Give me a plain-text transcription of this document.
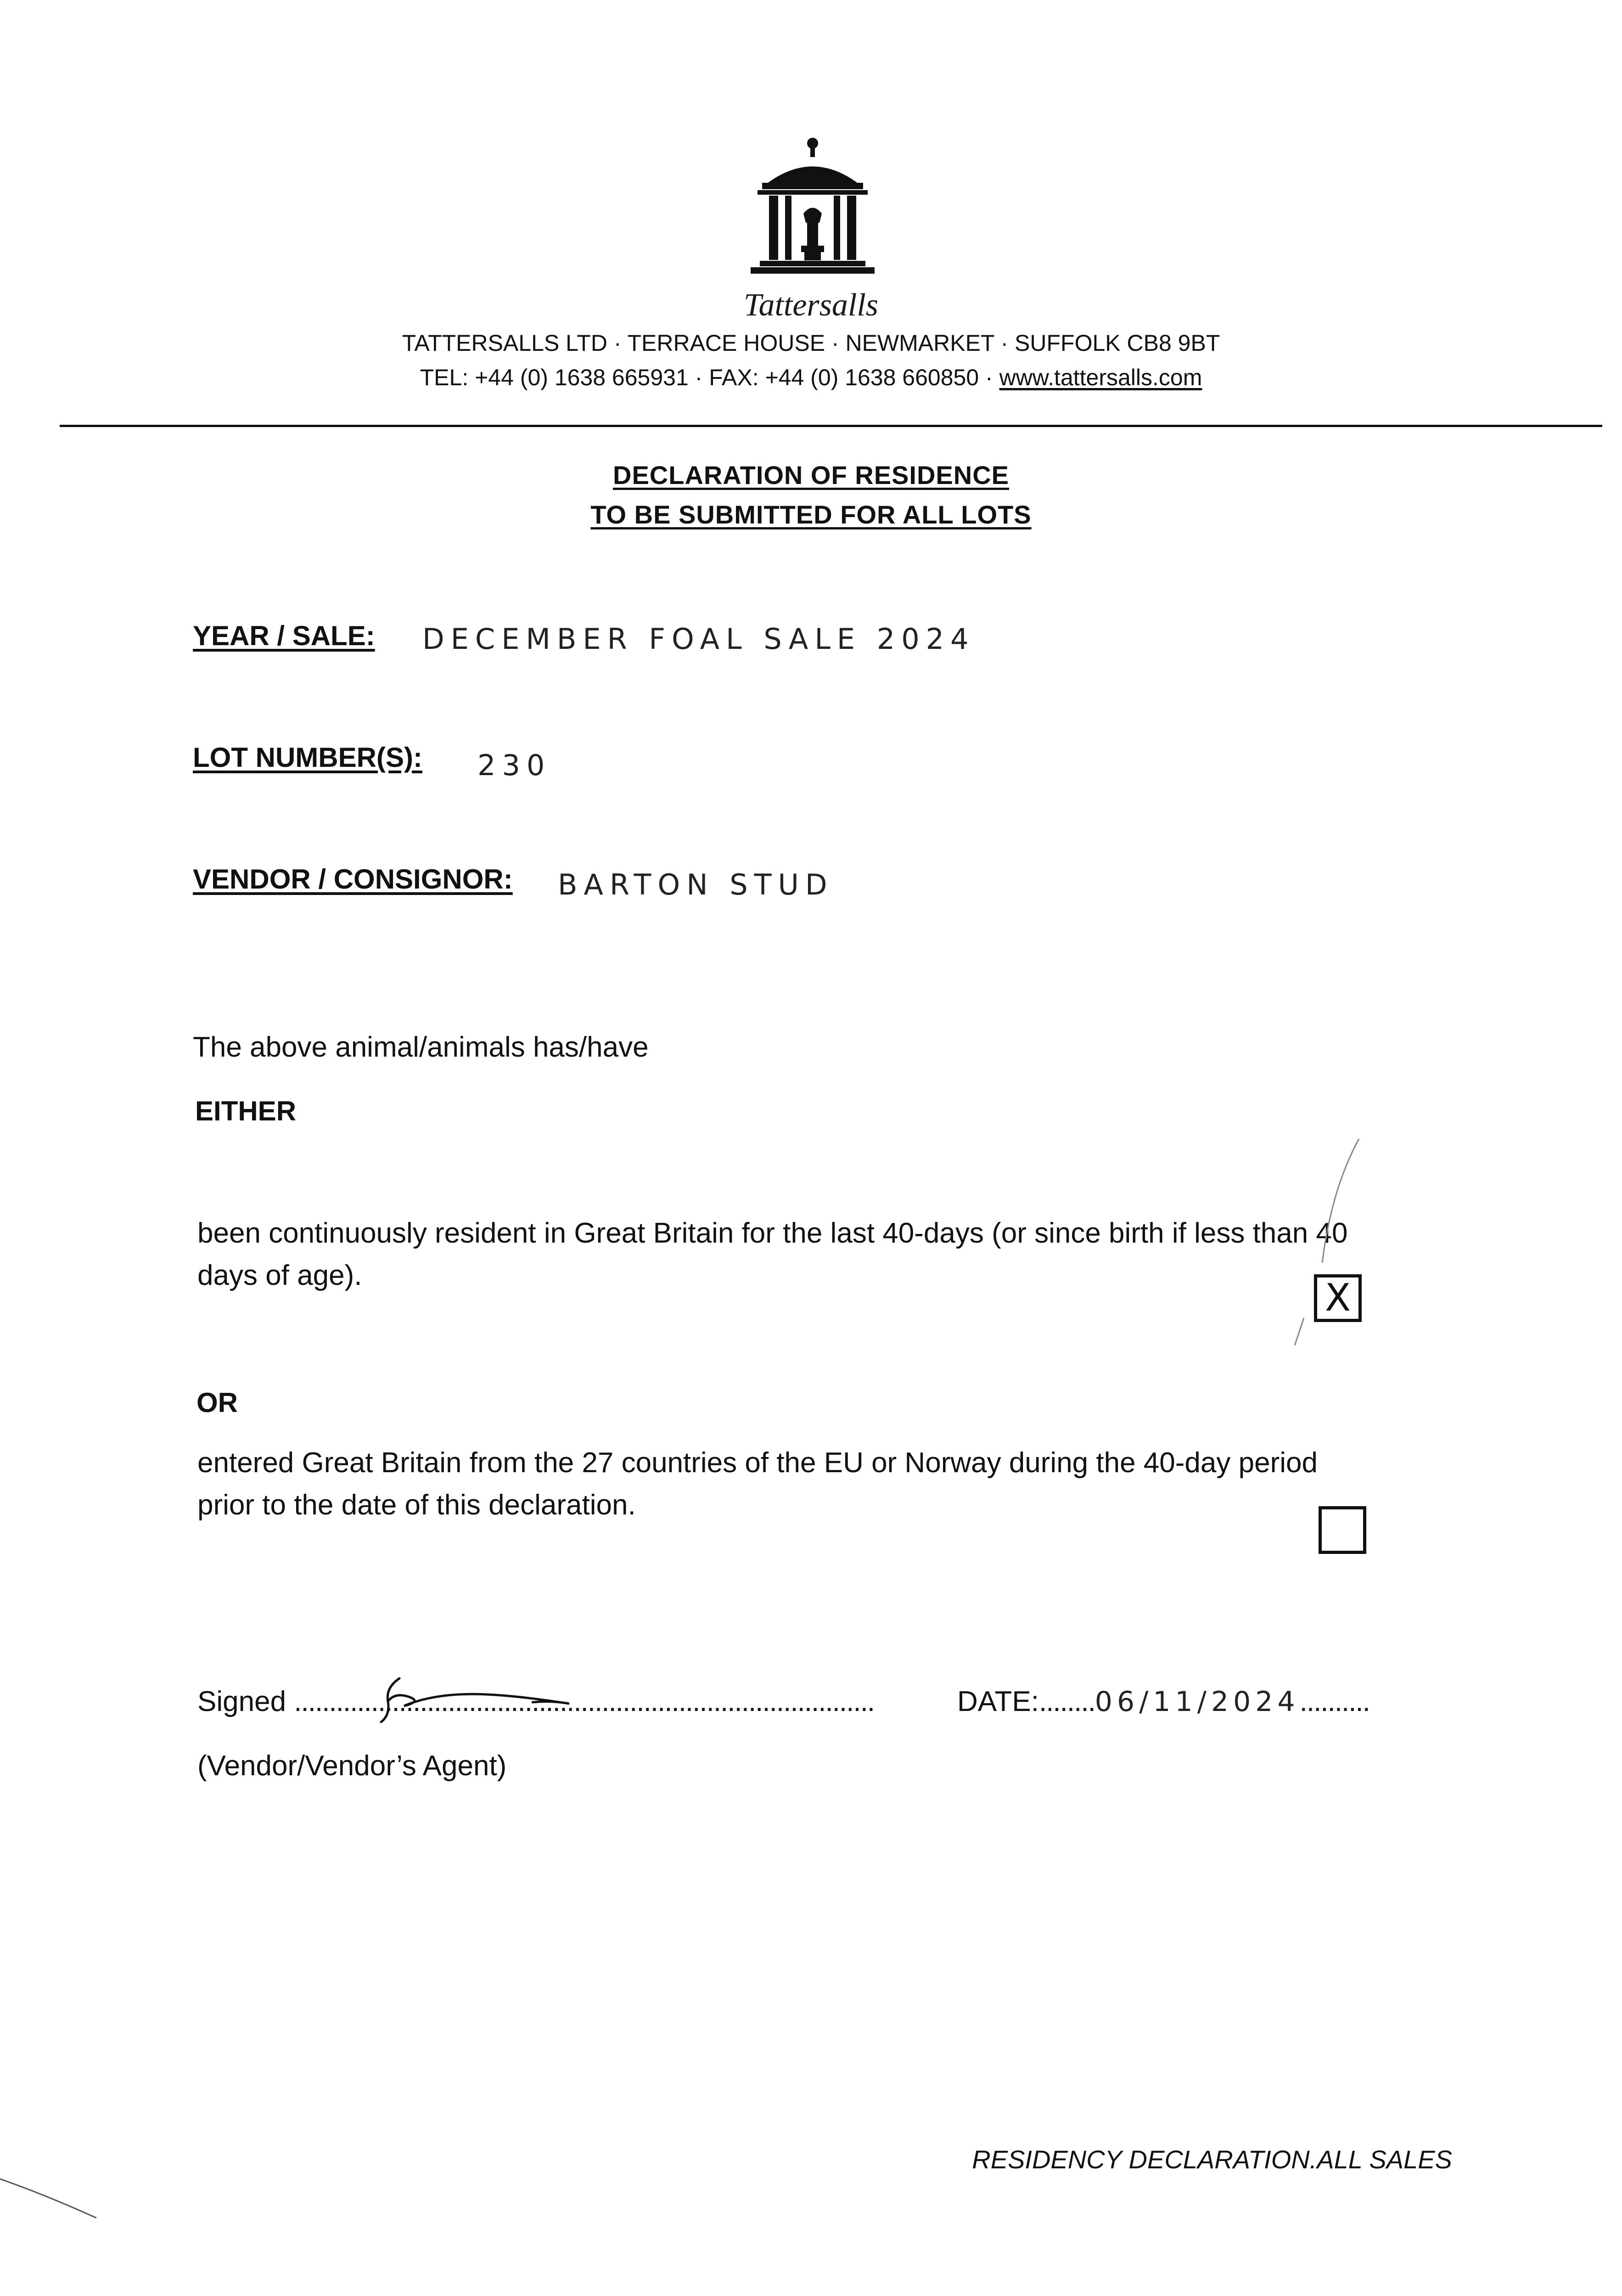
Tattersalls
TATTERSALLS LTD · TERRACE HOUSE · NEWMARKET · SUFFOLK CB8 9BT
TEL: +44 (0) 1638 665931 · FAX: +44 (0) 1638 660850 · www.tattersalls.com
DECLARATION OF RESIDENCE
TO BE SUBMITTED FOR ALL LOTS
YEAR / SALE: DECEMBER FOAL SALE 2024
LOT NUMBER(S): 230
VENDOR / CONSIGNOR: BARTON STUD
The above animal/animals has/have
EITHER
been continuously resident in Great Britain for the last 40-days (or since birth if less than 40
days of age).
X
OR
entered Great Britain from the 27 countries of the EU or Norway during the 40-day period
prior to the date of this declaration.
Signed ...................................................................................	DATE:........06/11/2024..........
(Vendor/Vendor’s Agent)
RESIDENCY DECLARATION.ALL SALES
